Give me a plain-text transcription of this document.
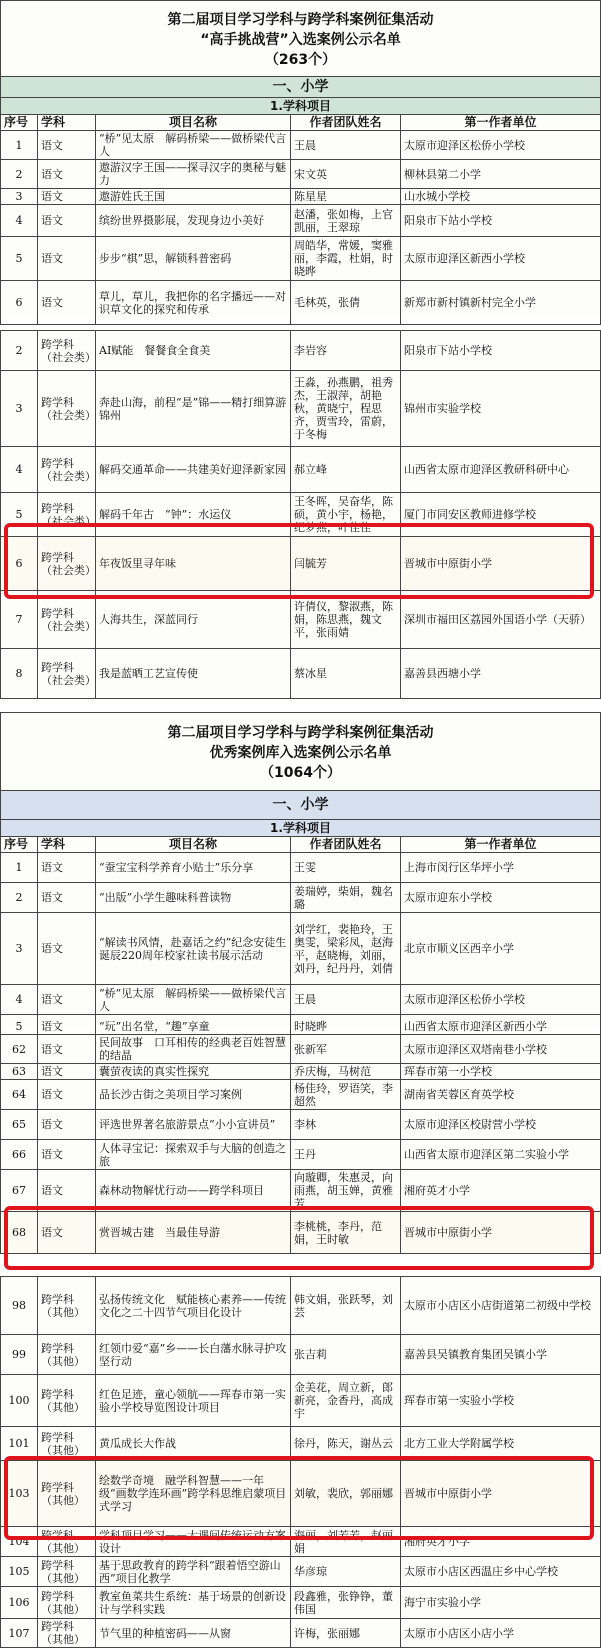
第二届项目学习学科与跨学科案例征集活动
“高手挑战营”入选案例公示名单
（263个）				

一、小学				
1.学科项目				
序号	学科	项目名称	作者团队姓名	第一作者单位
1	语文	“桥”见太原　解码桥梁——做桥梁代言人	王晨	太原市迎泽区松侨小学校
2	语文	遨游汉字王国——探寻汉字的奥秘与魅力	宋文英	柳林县第二小学
3	语文	遨游姓氏王国	陈星星	山水城小学校
4	语文	缤纷世界摄影展，发现身边小美好	赵潘，张如梅，上官凯丽，王翠琼	阳泉市下站小学校
5	语文	步步“棋”思，解锁科普密码	周皓华，常媛，窦雅丽，李霞，杜娟，时晓晔	太原市迎泽区新西小学校
6	语文	草儿，草儿，我把你的名字播远——对识草文化的探究和传承	毛林英，张倩	新郑市新村镇新村完全小学
2	跨学科（社会类）	AI赋能　餐餐食全食美	李岩容	阳泉市下站小学校
3	跨学科（社会类）	奔赴山海，前程“是”锦——精打细算游锦州	王淼，孙燕鹏，祖秀杰，王淑萍，胡艳秋，黄晓宁，程思齐，贾雪玲，雷蔚，于冬梅	锦州市实验学校
4	跨学科（社会类）	解码交通革命——共建美好迎泽新家园	郝立峰	山西省太原市迎泽区教研科研中心
5	跨学科（社会类）	解码千年古　“钟”：水运仪	王冬晖，吴奋华，陈硕，黄小宇，杨艳，纪梦燕，叶佳佳	厦门市同安区教师进修学校
6	跨学科（社会类）	年夜饭里寻年味	闫毓芳	晋城市中原街小学
7	跨学科（社会类）	人海共生，深蓝同行	许倩仪，黎淑燕，陈娟，陈思燕，魏文平，张雨婧	深圳市福田区荔园外国语小学（天骄）
8	跨学科（社会类）	我是蓝晒工艺宣传使	蔡冰星	嘉善县西塘小学
第二届项目学习学科与跨学科案例征集活动
优秀案例库入选案例公示名单
（1064个）				

一、小学				
1.学科项目				
序号	学科	项目名称	作者团队姓名	第一作者单位
1	语文	“蚕宝宝科学养育小贴士”乐分享	王雯	上海市闵行区华坪小学
2	语文	“出版”小学生趣味科普读物	姜瑞婷，柴娟，魏名璐	太原市迎东小学校
3	语文	“解读书风情，赴嘉话之约”纪念安徒生诞辰220周年校家社读书展示活动	刘学红，裴艳玲，王奥雯，梁彩凤，赵海平，赵晓梅，刘丽，刘丹，纪丹丹，刘倩	北京市顺义区西辛小学
4	语文	“桥”见太原　解码桥梁——做桥梁代言人	王晨	太原市迎泽区松侨小学校
5	语文	“玩”出名堂，“趣”享童	时晓晔	山西省太原市迎泽区新西小学
62	语文	民间故事　口耳相传的经典老百姓智慧的结晶	张新军	太原市迎泽区双塔南巷小学校
63	语文	囊萤夜读的真实性探究	乔庆梅，马树范	珲春市第一小学校
64	语文	品长沙古街之美项目学习案例	杨佳玲，罗语笑，李超然	湖南省芙蓉区育英学校
65	语文	评选世界著名旅游景点“小小宣讲员”	李林	太原市迎泽区校尉营小学校
66	语文	人体寻宝记：探索双手与大脑的创造之旅	王丹	山西省太原市迎泽区第二实验小学
67	语文	森林动物解忧行动——跨学科项目	向璇卿，朱惠灵，向雨燕，胡玉婵，黄雅芳	湘府英才小学
68	语文	赏晋城古建　当最佳导游	李桃桃，李丹，范娟，王时敏	晋城市中原街小学
98	跨学科（其他）	弘扬传统文化　赋能核心素养——传统文化之二十四节气项目化设计	韩文娟，张跃琴，刘芸	太原市小店区小店街道第二初级中学校
99	跨学科（其他）	红领巾爱“嘉”乡——长白藩水脉寻护攻坚行动	张吉莉	嘉善县吴镇教育集团吴镇小学
100	跨学科（其他）	红色足迹，童心领航——珲春市第一实验小学校导览图设计项目	金美花，周立新，郎新亮，金香丹，高成宇	珲春市第一实验小学校
101	跨学科（其他）	黄瓜成长大作战	徐丹，陈天，谢丛云	北方工业大学附属学校
103	跨学科（其他）	绘数学奇境　融学科智慧——一年级“画数学连环画”跨学科思维启蒙项目式学习	刘敏，裴欣，郭丽娜	晋城市中原街小学
104	跨学科（其他）	学科项目学习——大课间传统运动方案设计	海丽，刘芳芳，赵丽娟	湘府英才小学
105	跨学科（其他）	基于思政教育的跨学科“跟着悟空游山西”项目化教学	华彦琼	太原市小店区西温庄乡中心学校
106	跨学科（其他）	教室鱼菜共生系统：基于场景的创新设计与学科实践	段鑫雅，张铮铮，董伟国	海宁市实验小学
107	跨学科（其他）	节气里的种植密码——从窗	许梅，张丽娜	太原市小店区小店小学
